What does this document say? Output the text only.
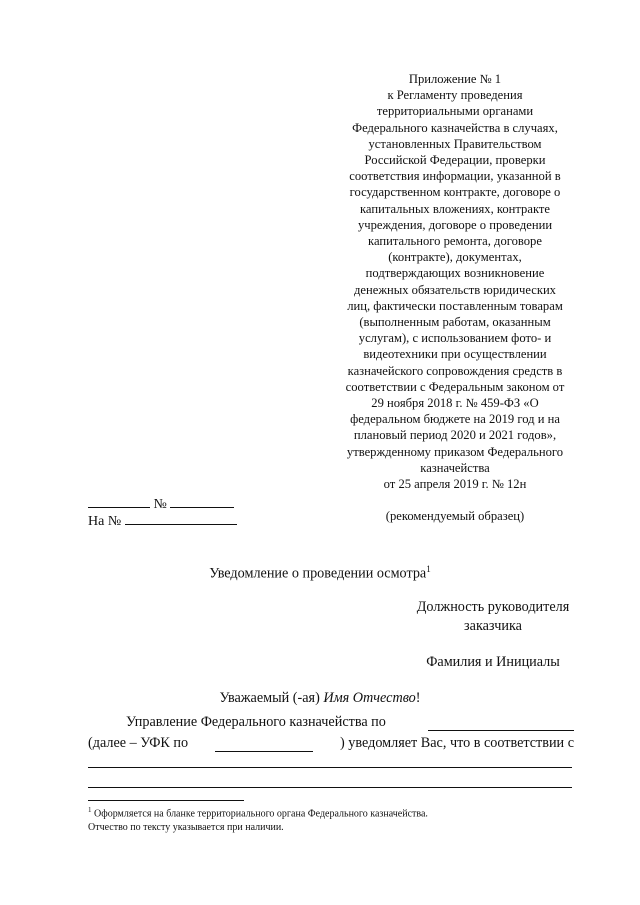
Приложение № 1
к Регламенту проведения
территориальными органами
Федерального казначейства в случаях,
установленных Правительством
Российской Федерации, проверки
соответствия информации, указанной в
государственном контракте, договоре о
капитальных вложениях, контракте
учреждения, договоре о проведении
капитального ремонта, договоре
(контракте), документах,
подтверждающих возникновение
денежных обязательств юридических
лиц, фактически поставленным товарам
(выполненным работам, оказанным
услугам), с использованием фото- и
видеотехники при осуществлении
казначейского сопровождения средств в
соответствии с Федеральным законом от
29 ноября 2018 г. № 459-ФЗ «О
федеральном бюджете на 2019 год и на
плановый период 2020 и 2021 годов»,
утвержденному приказом Федерального
казначейства
от 25 апреля 2019 г. № 12н
(рекомендуемый образец)
№
На №
Уведомление о проведении осмотра$^1$
Должность руководителя
заказчика
Фамилия и Инициалы
Уважаемый (-ая) Имя Отчество!
Управление Федерального казначейства по
(далее – УФК по	) уведомляет Вас, что в соответствии с
$^1$ Оформляется на бланке территориального органа Федерального казначейства.
Отчество по тексту указывается при наличии.
